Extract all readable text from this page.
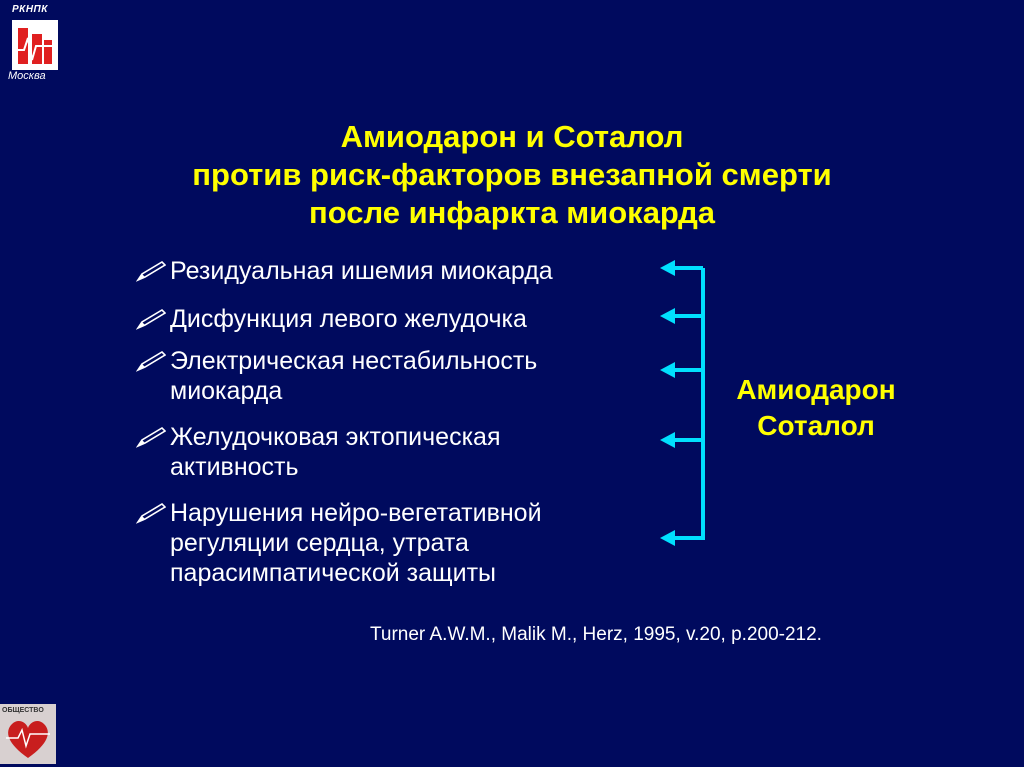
РКНПК
Москва
Амиодарон и Соталол
против риск-факторов внезапной смерти
после инфаркта миокарда
Резидуальная ишемия миокарда
Дисфункция левого желудочка
Электрическая нестабильность
миокарда
Желудочковая эктопическая
активность
Нарушения нейро-вегетативной
регуляции сердца, утрата
парасимпатической защиты
Амиодарон
Соталол
Turner A.W.M., Malik M., Herz, 1995, v.20, p.200-212.
ОБЩЕСТВО
